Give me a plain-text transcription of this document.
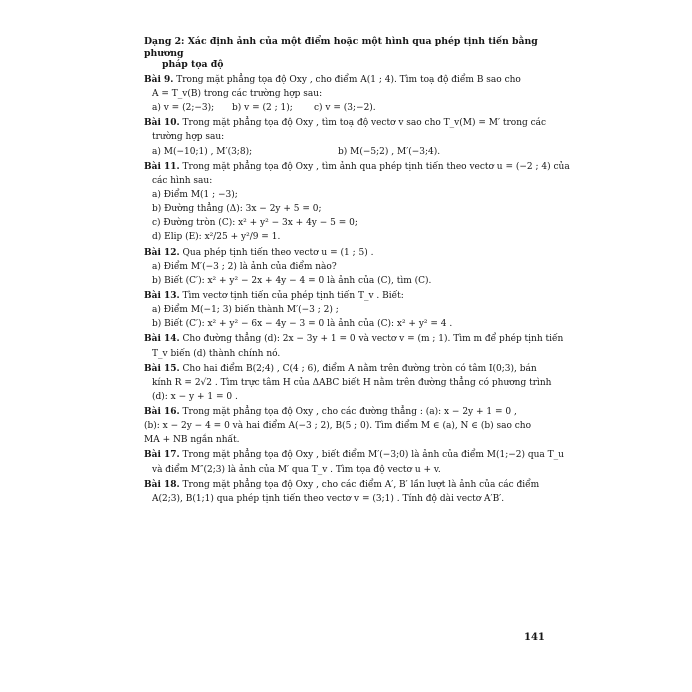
Dạng 2: Xác định ảnh của một điểm hoặc một hình qua phép tịnh tiến bằng phương
pháp tọa độ
Bài 9. Trong mặt phẳng tọa độ Oxy , cho điểm A(1 ; 4). Tìm toạ độ điểm B sao cho
A = T_v(B) trong các trường hợp sau:
a) v = (2;−3);	b) v = (2 ; 1);	c) v = (3;−2).
Bài 10. Trong mặt phẳng tọa độ Oxy , tìm toạ độ vectơ v sao cho T_v(M) = M′ trong các
trường hợp sau:
a) M(−10;1) , M′(3;8);	b) M(−5;2) , M′(−3;4).
Bài 11. Trong mặt phẳng tọa độ Oxy , tìm ảnh qua phép tịnh tiến theo vectơ u = (−2 ; 4) của
các hình sau:
a) Điểm M(1 ; −3);
b) Đường thẳng (Δ): 3x − 2y + 5 = 0;
c) Đường tròn (C): x² + y² − 3x + 4y − 5 = 0;
d) Elip (E): x²/25 + y²/9 = 1.
Bài 12. Qua phép tịnh tiến theo vectơ u = (1 ; 5) .
a) Điểm M′(−3 ; 2) là ảnh của điểm nào?
b) Biết (C′): x² + y² − 2x + 4y − 4 = 0 là ảnh của (C), tìm (C).
Bài 13. Tìm vectơ tịnh tiến của phép tịnh tiến T_v . Biết:
a) Điểm M(−1; 3) biến thành M′(−3 ; 2) ;
b) Biết (C′): x² + y² − 6x − 4y − 3 = 0 là ảnh của (C): x² + y² = 4 .
Bài 14. Cho đường thẳng (d): 2x − 3y + 1 = 0 và vectơ v = (m ; 1). Tìm m để phép tịnh tiến
T_v biến (d) thành chính nó.
Bài 15. Cho hai điểm B(2;4) , C(4 ; 6), điểm A nằm trên đường tròn có tâm I(0;3), bán
kính R = 2√2 . Tìm trực tâm H của ΔABC biết H nằm trên đường thẳng có phương trình
(d): x − y + 1 = 0 .
Bài 16. Trong mặt phẳng tọa độ Oxy , cho các đường thẳng : (a): x − 2y + 1 = 0 ,
(b): x − 2y − 4 = 0 và hai điểm A(−3 ; 2), B(5 ; 0). Tìm điểm M ∈ (a), N ∈ (b) sao cho
MA + NB ngắn nhất.
Bài 17. Trong mặt phẳng tọa độ Oxy , biết điểm M′(−3;0) là ảnh của điểm M(1;−2) qua T_u
và điểm M″(2;3) là ảnh của M′ qua T_v . Tìm tọa độ vectơ u + v.
Bài 18. Trong mặt phẳng tọa độ Oxy , cho các điểm A′, B′ lần lượt là ảnh của các điểm
A(2;3), B(1;1) qua phép tịnh tiến theo vectơ v = (3;1) . Tính độ dài vectơ A′B′.
141
